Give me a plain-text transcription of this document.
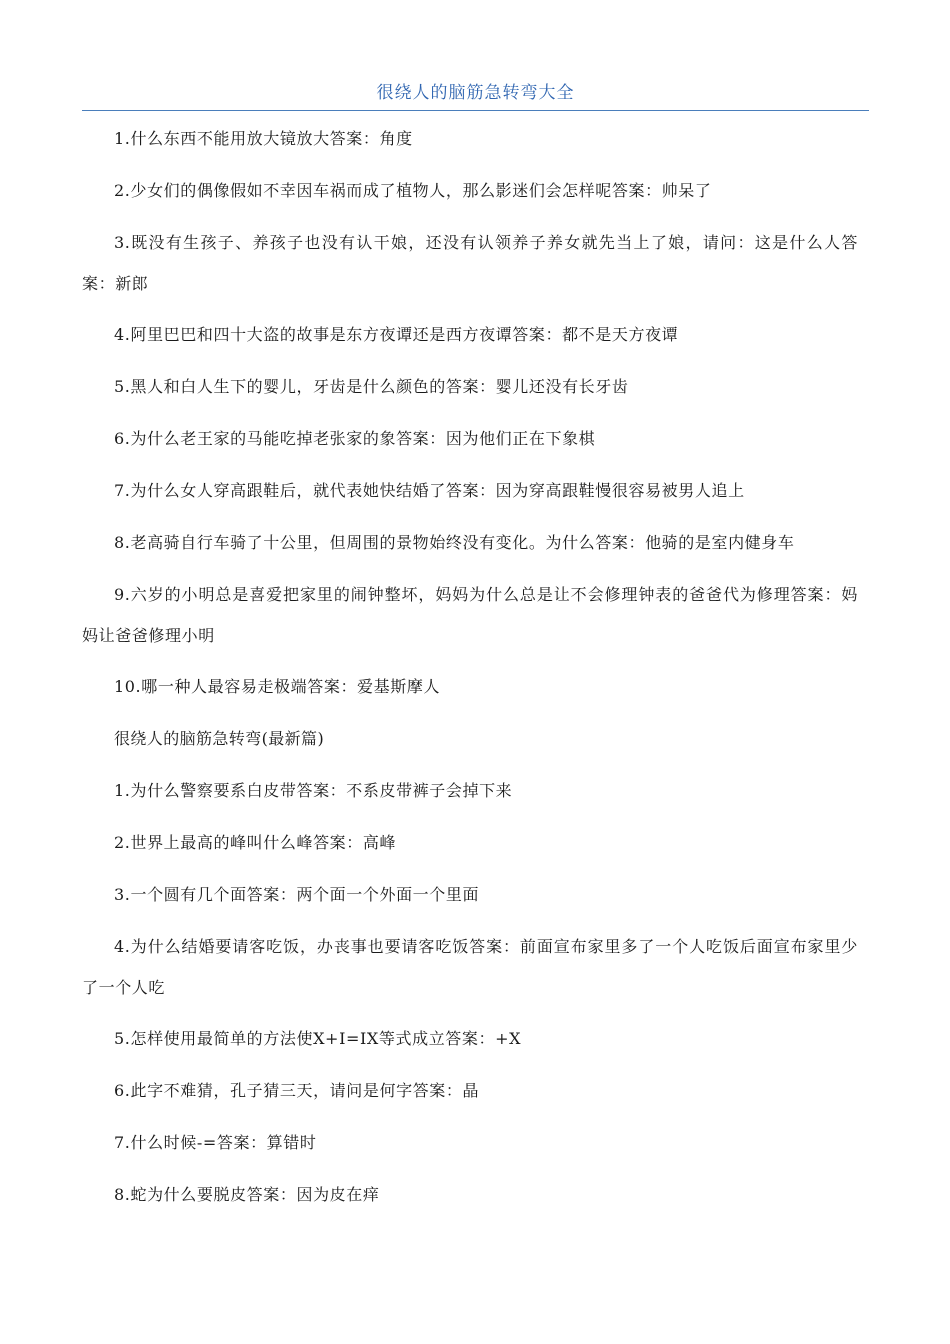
很绕人的脑筋急转弯大全

1.什么东西不能用放大镜放大答案：角度

2.少女们的偶像假如不幸因车祸而成了植物人，那么影迷们会怎样呢答案：帅呆了

3.既没有生孩子、养孩子也没有认干娘，还没有认领养子养女就先当上了娘，请问：这是什么人答案：新郎

4.阿里巴巴和四十大盗的故事是东方夜谭还是西方夜谭答案：都不是天方夜谭

5.黑人和白人生下的婴儿，牙齿是什么颜色的答案：婴儿还没有长牙齿

6.为什么老王家的马能吃掉老张家的象答案：因为他们正在下象棋

7.为什么女人穿高跟鞋后，就代表她快结婚了答案：因为穿高跟鞋慢很容易被男人追上

8.老高骑自行车骑了十公里，但周围的景物始终没有变化。为什么答案：他骑的是室内健身车

9.六岁的小明总是喜爱把家里的闹钟整坏，妈妈为什么总是让不会修理钟表的爸爸代为修理答案：妈妈让爸爸修理小明

10.哪一种人最容易走极端答案：爱基斯摩人

很绕人的脑筋急转弯(最新篇)

1.为什么警察要系白皮带答案：不系皮带裤子会掉下来

2.世界上最高的峰叫什么峰答案：高峰

3.一个圆有几个面答案：两个面一个外面一个里面

4.为什么结婚要请客吃饭，办丧事也要请客吃饭答案：前面宣布家里多了一个人吃饭后面宣布家里少了一个人吃

5.怎样使用最简单的方法使X+I=IX等式成立答案：+X

6.此字不难猜，孔子猜三天，请问是何字答案：晶

7.什么时候-=答案：算错时

8.蛇为什么要脱皮答案：因为皮在痒
